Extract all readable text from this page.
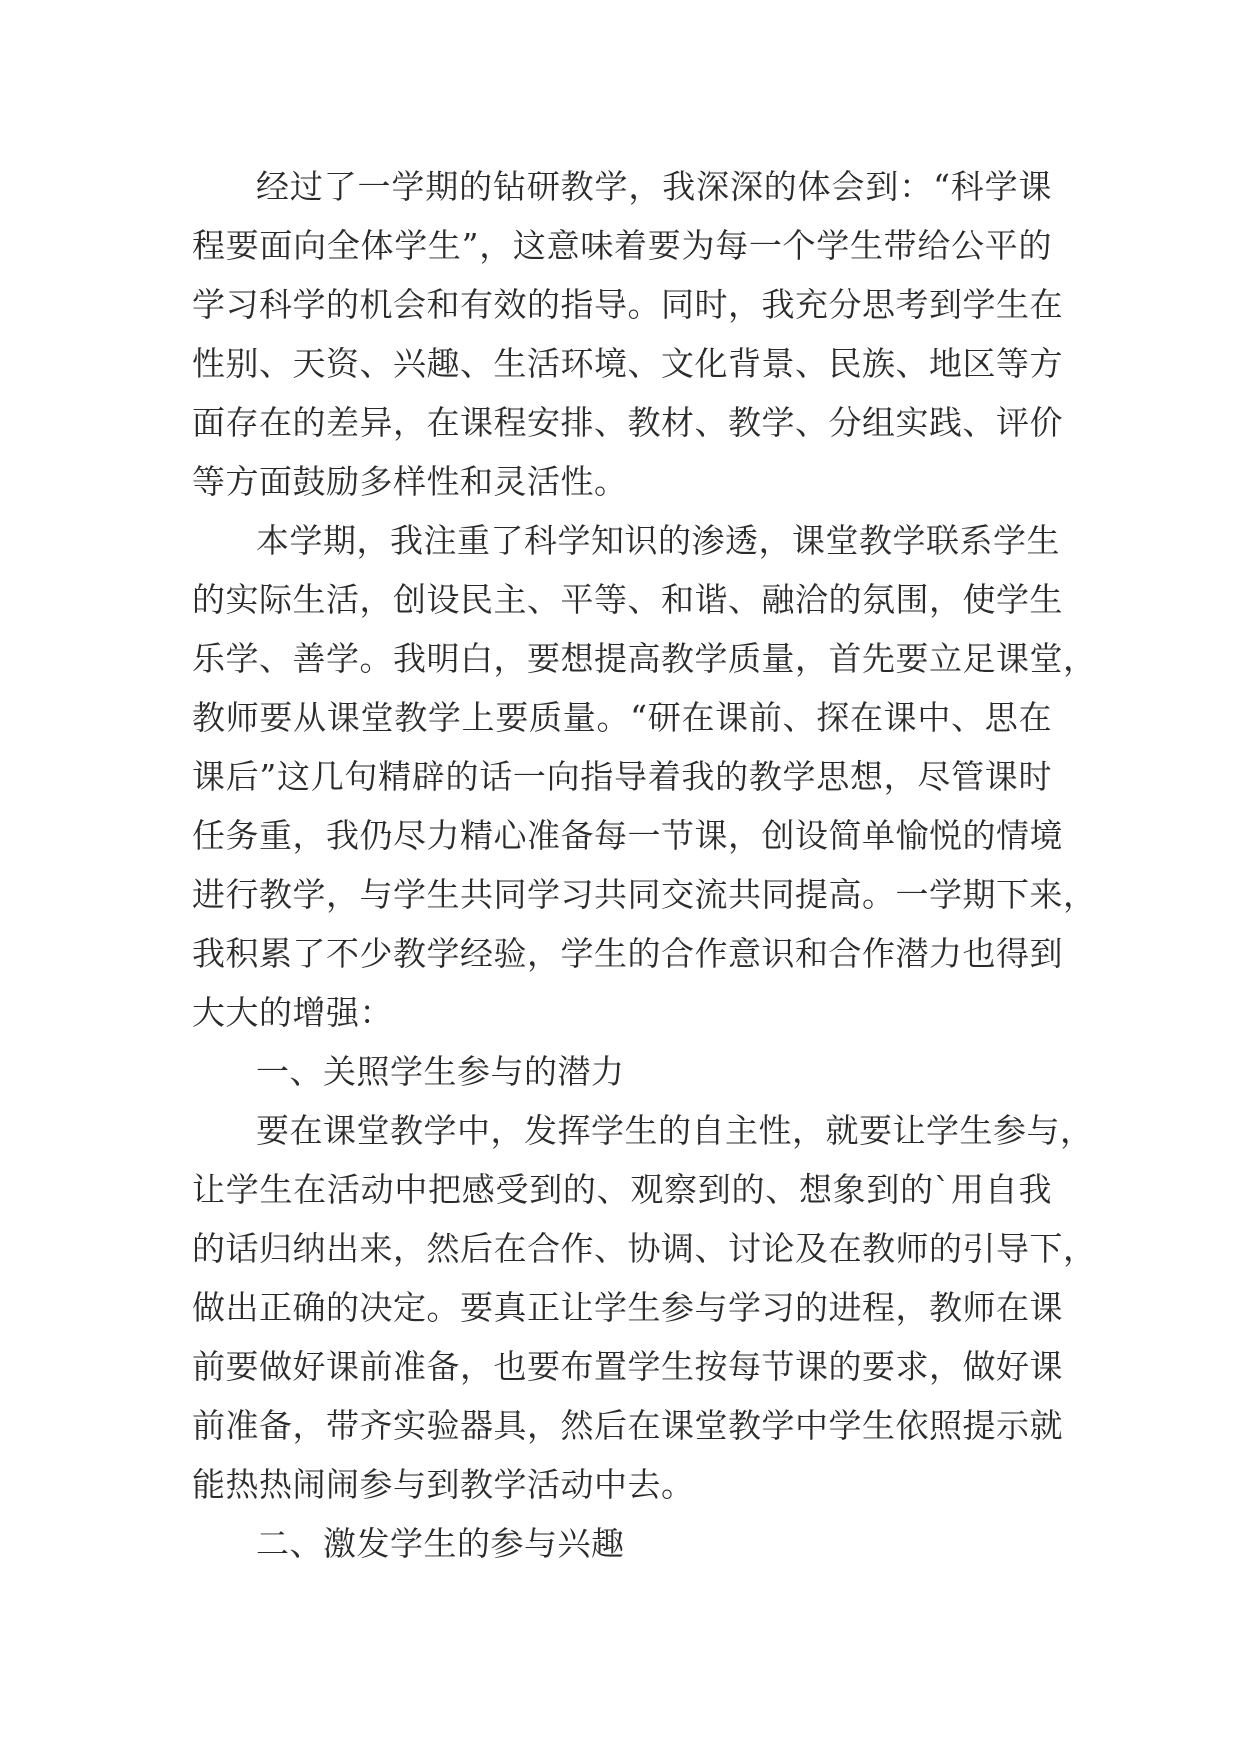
经过了一学期的钻研教学，我深深的体会到：“科学课
程要面向全体学生”，这意味着要为每一个学生带给公平的
学习科学的机会和有效的指导。同时，我充分思考到学生在
性别、天资、兴趣、生活环境、文化背景、民族、地区等方
面存在的差异，在课程安排、教材、教学、分组实践、评价
等方面鼓励多样性和灵活性。
本学期，我注重了科学知识的渗透，课堂教学联系学生
的实际生活，创设民主、平等、和谐、融洽的氛围，使学生
乐学、善学。我明白，要想提高教学质量，首先要立足课堂，
教师要从课堂教学上要质量。“研在课前、探在课中、思在
课后”这几句精辟的话一向指导着我的教学思想，尽管课时
任务重，我仍尽力精心准备每一节课，创设简单愉悦的情境
进行教学，与学生共同学习共同交流共同提高。一学期下来，
我积累了不少教学经验，学生的合作意识和合作潜力也得到
大大的增强：
一、关照学生参与的潜力
要在课堂教学中，发挥学生的自主性，就要让学生参与，
让学生在活动中把感受到的、观察到的、想象到的`用自我
的话归纳出来，然后在合作、协调、讨论及在教师的引导下，
做出正确的决定。要真正让学生参与学习的进程，教师在课
前要做好课前准备，也要布置学生按每节课的要求，做好课
前准备，带齐实验器具，然后在课堂教学中学生依照提示就
能热热闹闹参与到教学活动中去。
二、激发学生的参与兴趣
